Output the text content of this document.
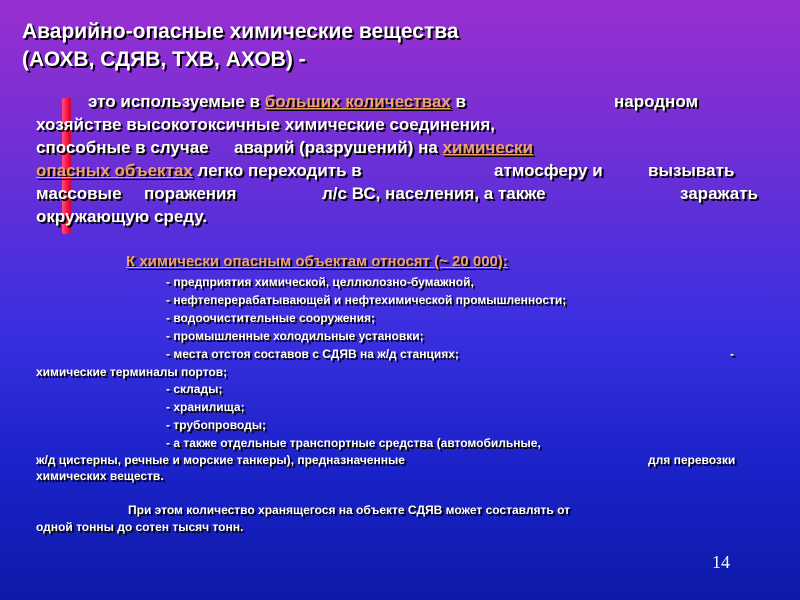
Аварийно-опасные химические вещества
(АОХВ, СДЯВ, ТХВ, АХОВ) -
это используемые в больших количествах в	народном
хозяйстве высокотоксичные химические соединения,
способные в случае аварий (разрушений) на химически
опасных объектах легко переходить в	атмосферу и	вызывать
массовые поражения	л/с ВС, населения, а также	заражать
окружающую среду.
К химически опасным объектам относят (~ 20 000):
- предприятия химической, целлюлозно-бумажной,
- нефтеперерабатывающей и нефтехимической промышленности;
- водоочистительные сооружения;
- промышленные холодильные установки;
- места отстоя составов с СДЯВ на ж/д станциях;	-
химические терминалы портов;
- склады;
- хранилища;
- трубопроводы;
- а также отдельные транспортные средства (автомобильные,
ж/д цистерны, речные и морские танкеры), предназначенные	для перевозки
химических веществ.
При этом количество хранящегося на объекте СДЯВ может составлять от
одной тонны до сотен тысяч тонн.
14
